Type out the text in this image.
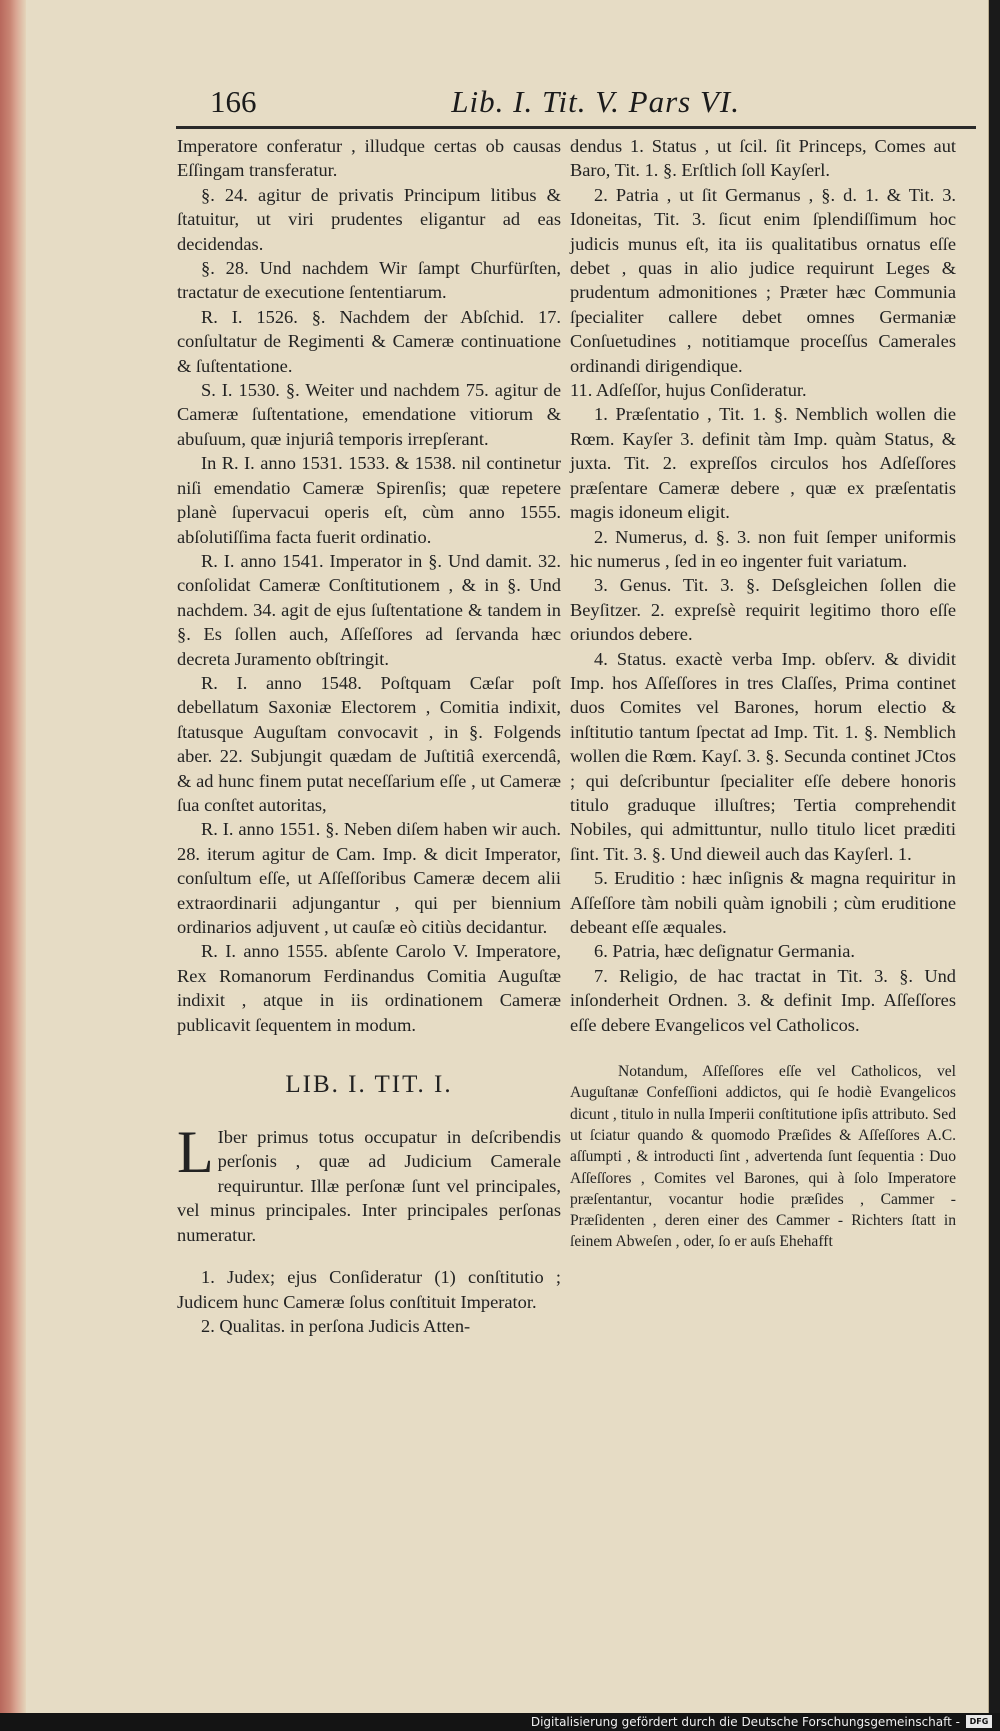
166	Lib. I. Tit. V. Pars VI.

Imperatore conferatur , illudque certas ob causas Eſſingam transferatur.

§. 24. agitur de privatis Principum litibus & ſtatuitur, ut viri prudentes eligantur ad eas decidendas.

§. 28. Und nachdem Wir ſampt Churfürſten, tractatur de executione ſententiarum.

R. I. 1526. §. Nachdem der Abſchid. 17. conſultatur de Regimenti & Cameræ continuatione & ſuſtentatione.

S. I. 1530. §. Weiter und nachdem 75. agitur de Cameræ ſuſtentatione, emendatione vitiorum & abuſuum, quæ injuriâ temporis irrepſerant.

In R. I. anno 1531. 1533. & 1538. nil continetur niſi emendatio Cameræ Spirenſis; quæ repetere planè ſupervacui operis eſt, cùm anno 1555. abſolutiſſima facta fuerit ordinatio.

R. I. anno 1541. Imperator in §. Und damit. 32. conſolidat Cameræ Conſtitutionem , & in §. Und nachdem. 34. agit de ejus ſuſtentatione & tandem in §. Es ſollen auch, Aſſeſſores ad ſervanda hæc decreta Juramento obſtringit.

R. I. anno 1548. Poſtquam Cæſar poſt debellatum Saxoniæ Electorem , Comitia indixit, ſtatusque Auguſtam convocavit , in §. Folgends aber. 22. Subjungit quædam de Juſtitiâ exercendâ, & ad hunc finem putat neceſſarium eſſe , ut Cameræ ſua conſtet autoritas,

R. I. anno 1551. §. Neben diſem haben wir auch. 28. iterum agitur de Cam. Imp. & dicit Imperator, conſultum eſſe, ut Aſſeſſoribus Cameræ decem alii extraordinarii adjungantur , qui per biennium ordinarios adjuvent , ut cauſæ eò citiùs decidantur.

R. I. anno 1555. abſente Carolo V. Imperatore, Rex Romanorum Ferdinandus Comitia Auguſtæ indixit , atque in iis ordinationem Cameræ publicavit ſequentem in modum.

LIB. I. TIT. I.

L Iber primus totus occupatur in deſcribendis perſonis , quæ ad Judicium Camerale requiruntur. Illæ perſonæ ſunt vel principales, vel minus principales. Inter principales perſonas numeratur.

1. Judex; ejus Conſideratur (1) conſtitutio ; Judicem hunc Cameræ ſolus conſtituit Imperator.

2. Qualitas. in perſona Judicis Atten-

dendus 1. Status , ut ſcil. ſit Princeps, Comes aut Baro, Tit. 1. §. Erſtlich ſoll Kayſerl.

2. Patria , ut ſit Germanus , §. d. 1. & Tit. 3. Idoneitas, Tit. 3. ſicut enim ſplendiſſimum hoc judicis munus eſt, ita iis qualitatibus ornatus eſſe debet , quas in alio judice requirunt Leges & prudentum admonitiones ; Præter hæc Communia ſpecialiter callere debet omnes Germaniæ Conſuetudines , notitiamque proceſſus Camerales ordinandi dirigendique.

11. Adſeſſor, hujus Conſideratur.

1. Præſentatio , Tit. 1. §. Nemblich wollen die Rœm. Kayſer 3. definit tàm Imp. quàm Status, & juxta. Tit. 2. expreſſos circulos hos Adſeſſores præſentare Cameræ debere , quæ ex præſentatis magis idoneum eligit.

2. Numerus, d. §. 3. non fuit ſemper uniformis hic numerus , ſed in eo ingenter fuit variatum.

3. Genus. Tit. 3. §. Deſsgleichen ſollen die Beyſitzer. 2. expreſsè requirit legitimo thoro eſſe oriundos debere.

4. Status. exactè verba Imp. obſerv. & dividit Imp. hos Aſſeſſores in tres Claſſes, Prima continet duos Comites vel Barones, horum electio & inſtitutio tantum ſpectat ad Imp. Tit. 1. §. Nemblich wollen die Rœm. Kayſ. 3. §. Secunda continet JCtos ; qui deſcribuntur ſpecialiter eſſe debere honoris titulo graduque illuſtres; Tertia comprehendit Nobiles, qui admittuntur, nullo titulo licet præditi ſint. Tit. 3. §. Und dieweil auch das Kayſerl. 1.

5. Eruditio : hæc inſignis & magna requiritur in Aſſeſſore tàm nobili quàm ignobili ; cùm eruditione debeant eſſe æquales.

6. Patria, hæc deſignatur Germania.

7. Religio, de hac tractat in Tit. 3. §. Und inſonderheit Ordnen. 3. & definit Imp. Aſſeſſores eſſe debere Evangelicos vel Catholicos.

Notandum, Aſſeſſores eſſe vel Catholicos, vel Auguſtanæ Confeſſioni addictos, qui ſe hodiè Evangelicos dicunt , titulo in nulla Imperii conſtitutione ipſis attributo. Sed ut ſciatur quando & quomodo Præſides & Aſſeſſores A.C. aſſumpti , & introducti ſint , advertenda ſunt ſequentia : Duo Aſſeſſores , Comites vel Barones, qui à ſolo Imperatore præſentantur, vocantur hodie præſides , Cammer - Præſidenten , deren einer des Cammer - Richters ſtatt in ſeinem Abweſen , oder, ſo er auſs Ehehafft

Digitalisierung gefördert durch die Deutsche Forschungsgemeinschaft -	DFG
